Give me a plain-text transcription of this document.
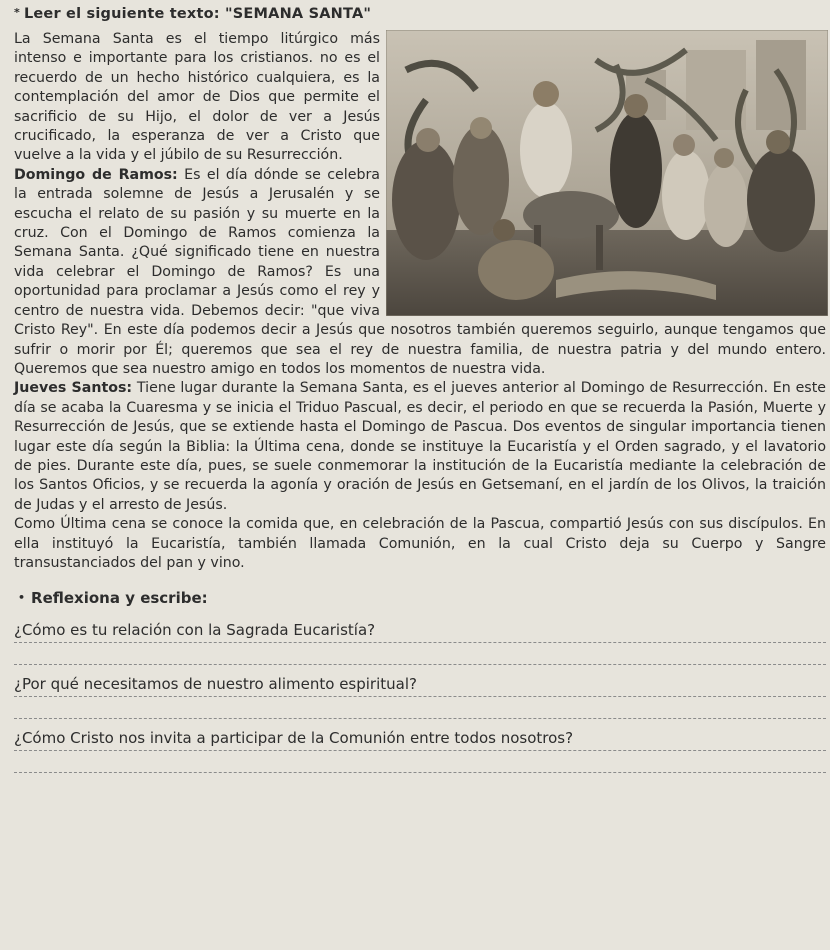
* Leer el siguiente texto: "SEMANA SANTA"

La Semana Santa es el tiempo litúrgico más intenso e importante para los cristianos. no es el recuerdo de un hecho histórico cualquiera, es la contemplación del amor de Dios que permite el sacrificio de su Hijo, el dolor de ver a Jesús crucificado, la esperanza de ver a Cristo que vuelve a la vida y el júbilo de su Resurrección.

Domingo de Ramos: Es el día dónde se celebra la entrada solemne de Jesús a Jerusalén y se escucha el relato de su pasión y su muerte en la cruz. Con el Domingo de Ramos comienza la Semana Santa. ¿Qué significado tiene en nuestra vida celebrar el Domingo de Ramos? Es una oportunidad para proclamar a Jesús como el rey y centro de nuestra vida. Debemos decir: "que viva Cristo Rey". En este día podemos decir a Jesús que nosotros también queremos seguirlo, aunque tengamos que sufrir o morir por Él; queremos que sea el rey de nuestra familia, de nuestra patria y del mundo entero. Queremos que sea nuestro amigo en todos los momentos de nuestra vida.

Jueves Santos: Tiene lugar durante la Semana Santa, es el jueves anterior al Domingo de Resurrección. En este día se acaba la Cuaresma y se inicia el Triduo Pascual, es decir, el periodo en que se recuerda la Pasión, Muerte y Resurrección de Jesús, que se extiende hasta el Domingo de Pascua. Dos eventos de singular importancia tienen lugar este día según la Biblia: la Última cena, donde se instituye la Eucaristía y el Orden sagrado, y el lavatorio de pies. Durante este día, pues, se suele conmemorar la institución de la Eucaristía mediante la celebración de los Santos Oficios, y se recuerda la agonía y oración de Jesús en Getsemaní, en el jardín de los Olivos, la traición de Judas y el arresto de Jesús.

Como Última cena se conoce la comida que, en celebración de la Pascua, compartió Jesús con sus discípulos. En ella instituyó la Eucaristía, también llamada Comunión, en la cual Cristo deja su Cuerpo y Sangre transustanciados del pan y vino.

• Reflexiona y escribe:
¿Cómo es tu relación con la Sagrada Eucaristía?
¿Por qué necesitamos de nuestro alimento espiritual?
¿Cómo Cristo nos invita a participar de la Comunión entre todos nosotros?
